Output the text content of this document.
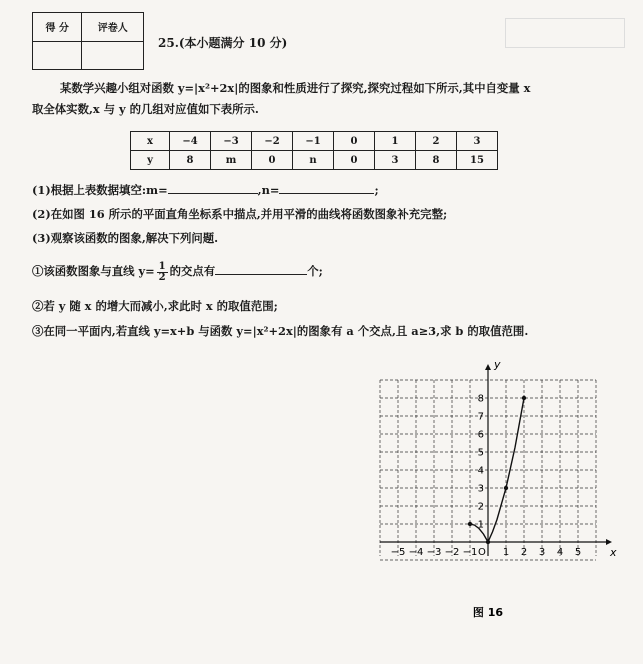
得 分	评卷人

25.(本小题满分 10 分)
某数学兴趣小组对函数 y=|x²+2x|的图象和性质进行了探究,探究过程如下所示,其中自变量 x
取全体实数,x 与 y 的几组对应值如下表所示.
x	−4	−3	−2	−1	0	1	2	3
y	8	m	0	n	0	3	8	15
(1)根据上表数据填空:m=	,n=	;
(2)在如图 16 所示的平面直角坐标系中描点,并用平滑的曲线将函数图象补充完整;
(3)观察该函数的图象,解决下列问题.
①该函数图象与直线 $y= \frac{1}{2}$ 的交点有	个;
②若 y 随 x 的增大而减小,求此时 x 的取值范围;
③在同一平面内,若直线 y=x+b 与函数 y=|x²+2x|的图象有 a 个交点,且 a≥3,求 b 的取值范围.
x
y
O
−5 −4 −3 −2 −1	1 2 3 4 5
1
2
3
4
5
6
7
8
图 16
